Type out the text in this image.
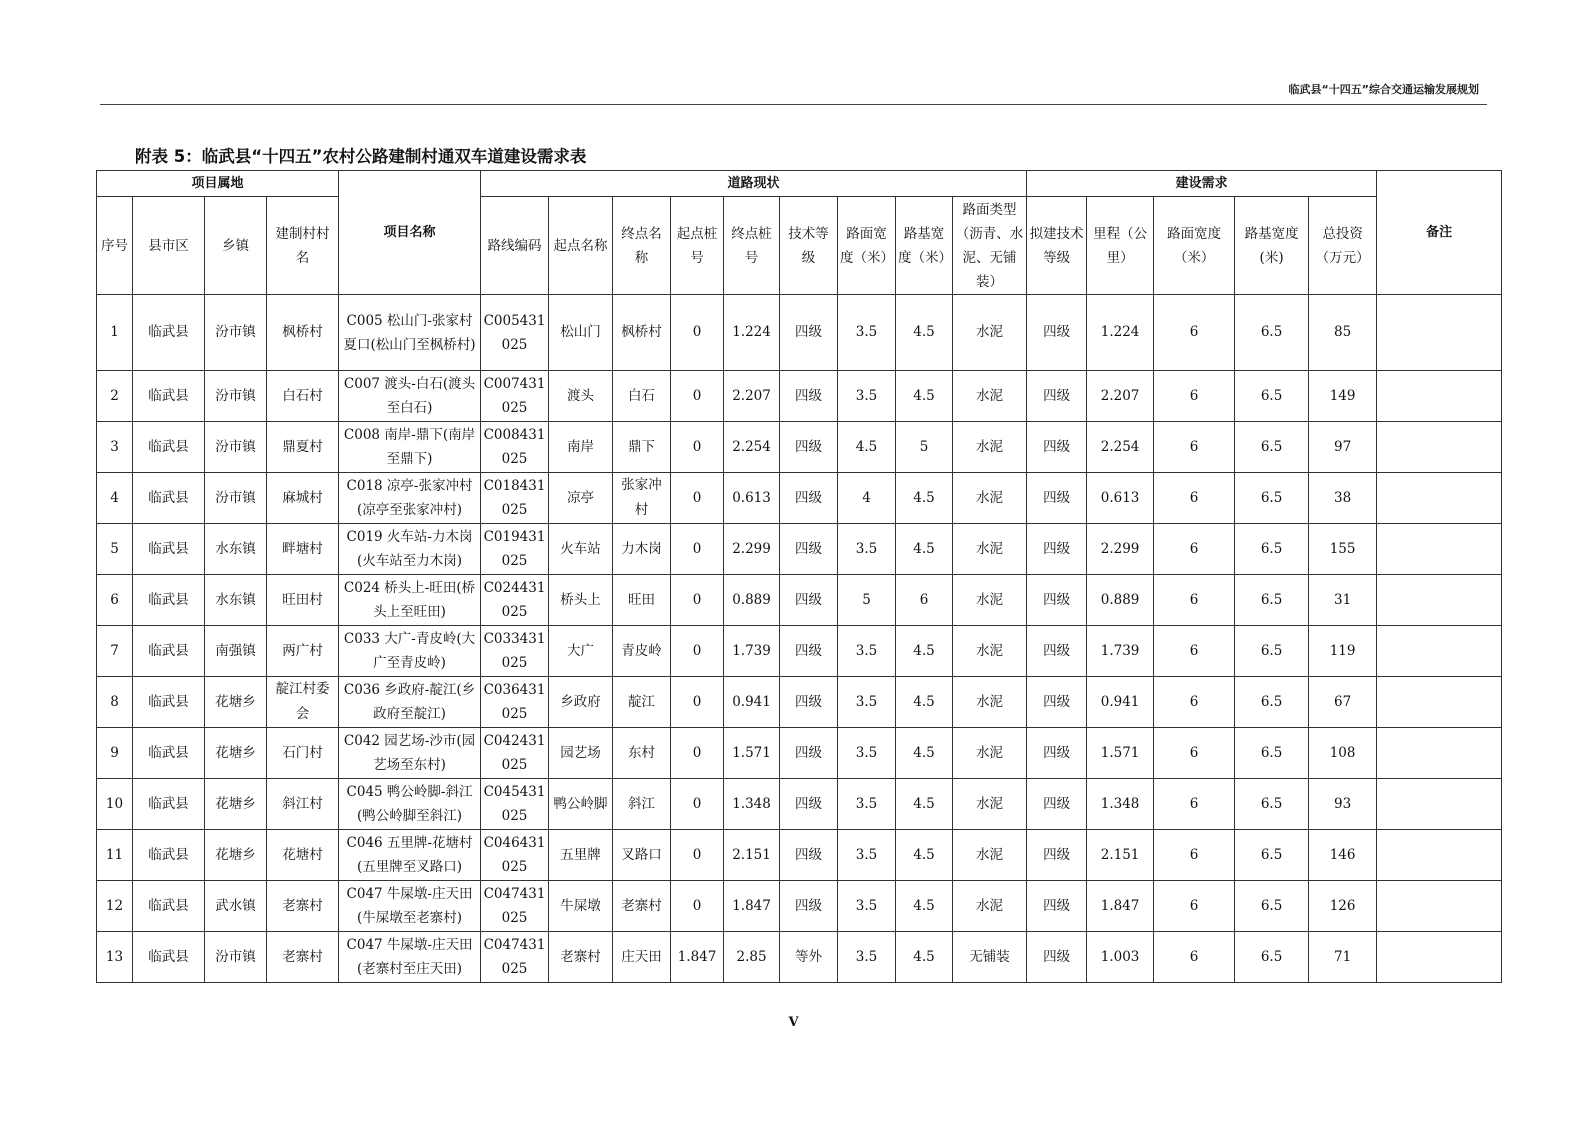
临武县“十四五”综合交通运输发展规划
附表 5：临武县“十四五”农村公路建制村通双车道建设需求表
项目属地				项目名称	道路现状									建设需求					备注

序号	县市区	乡镇	建制村村名		路线编码	起点名称	终点名称	起点桩号	终点桩号	技术等级	路面宽度（米）	路基宽度（米）	路面类型（沥青、水泥、无铺装）	拟建技术等级	里程（公里）	路面宽度（米）	路基宽度(米)	总投资（万元）	

1	临武县	汾市镇	枫桥村	C005 松山门-张家村夏口(松山门至枫桥村)	C005431025	松山门	枫桥村	0	1.224	四级	3.5	4.5	水泥	四级	1.224	6	6.5	85	
2	临武县	汾市镇	白石村	C007 渡头-白石(渡头至白石)	C007431025	渡头	白石	0	2.207	四级	3.5	4.5	水泥	四级	2.207	6	6.5	149	
3	临武县	汾市镇	鼎夏村	C008 南岸-鼎下(南岸至鼎下)	C008431025	南岸	鼎下	0	2.254	四级	4.5	5	水泥	四级	2.254	6	6.5	97	
4	临武县	汾市镇	麻城村	C018 凉亭-张家冲村(凉亭至张家冲村)	C018431025	凉亭	张家冲村	0	0.613	四级	4	4.5	水泥	四级	0.613	6	6.5	38	
5	临武县	水东镇	畔塘村	C019 火车站-力木岗(火车站至力木岗)	C019431025	火车站	力木岗	0	2.299	四级	3.5	4.5	水泥	四级	2.299	6	6.5	155	
6	临武县	水东镇	旺田村	C024 桥头上-旺田(桥头上至旺田)	C024431025	桥头上	旺田	0	0.889	四级	5	6	水泥	四级	0.889	6	6.5	31	
7	临武县	南强镇	两广村	C033 大广-青皮岭(大广至青皮岭)	C033431025	大广	青皮岭	0	1.739	四级	3.5	4.5	水泥	四级	1.739	6	6.5	119	
8	临武县	花塘乡	靛江村委会	C036 乡政府-靛江(乡政府至靛江)	C036431025	乡政府	靛江	0	0.941	四级	3.5	4.5	水泥	四级	0.941	6	6.5	67	
9	临武县	花塘乡	石门村	C042 园艺场-沙市(园艺场至东村)	C042431025	园艺场	东村	0	1.571	四级	3.5	4.5	水泥	四级	1.571	6	6.5	108	
10	临武县	花塘乡	斜江村	C045 鸭公岭脚-斜江(鸭公岭脚至斜江)	C045431025	鸭公岭脚	斜江	0	1.348	四级	3.5	4.5	水泥	四级	1.348	6	6.5	93	
11	临武县	花塘乡	花塘村	C046 五里牌-花塘村(五里牌至叉路口)	C046431025	五里牌	叉路口	0	2.151	四级	3.5	4.5	水泥	四级	2.151	6	6.5	146	
12	临武县	武水镇	老寨村	C047 牛屎墩-庄天田(牛屎墩至老寨村)	C047431025	牛屎墩	老寨村	0	1.847	四级	3.5	4.5	水泥	四级	1.847	6	6.5	126	
13	临武县	汾市镇	老寨村	C047 牛屎墩-庄天田(老寨村至庄天田)	C047431025	老寨村	庄天田	1.847	2.85	等外	3.5	4.5	无铺装	四级	1.003	6	6.5	71	
V
